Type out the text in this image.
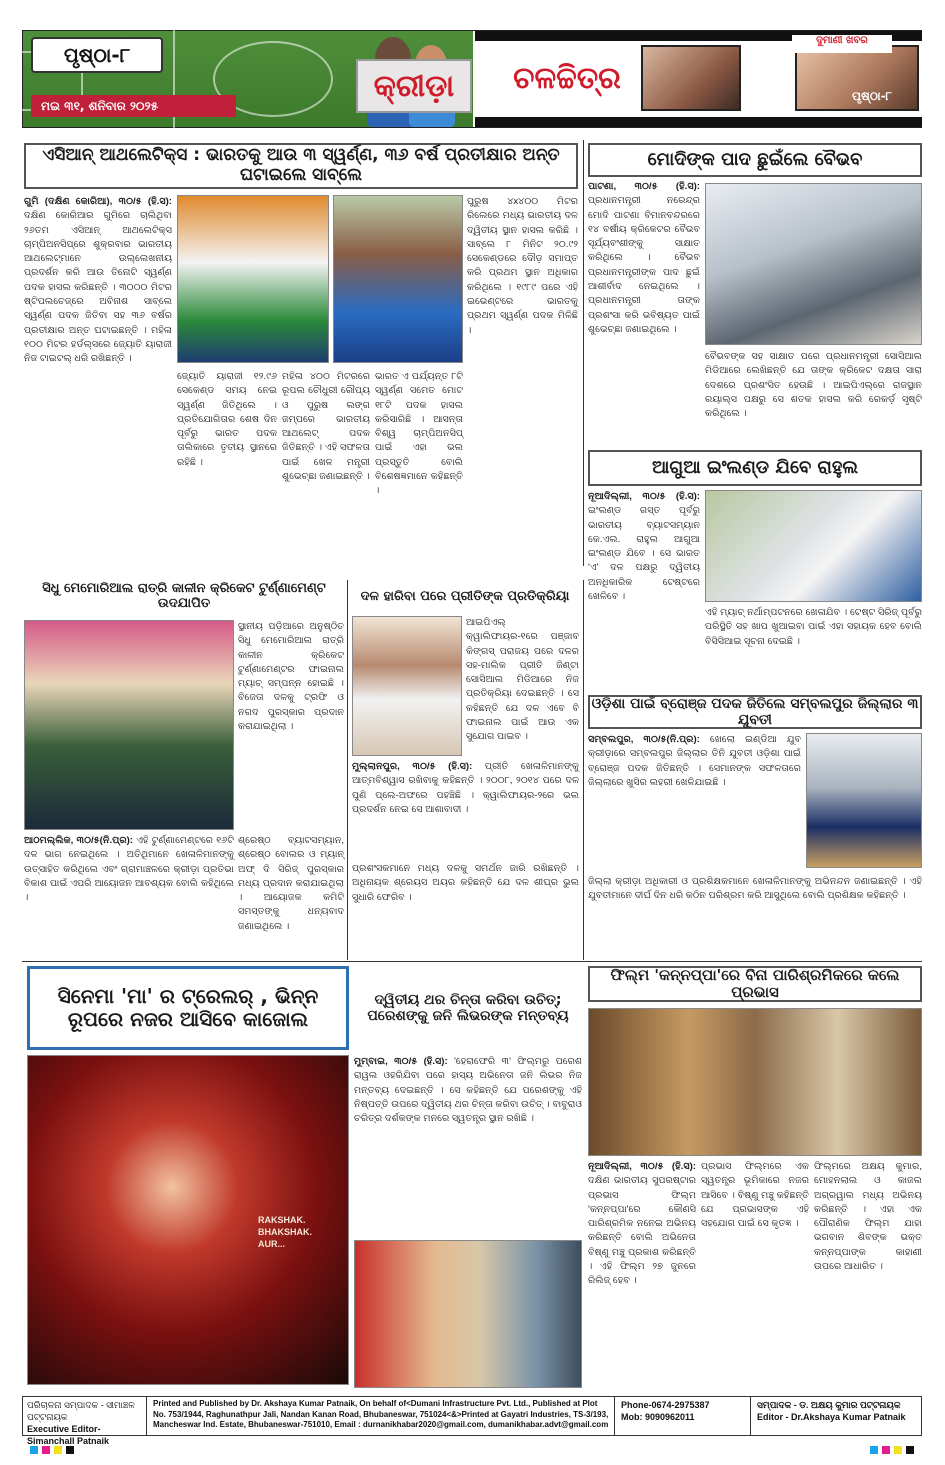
ପୃଷ୍ଠା-୮
ମଇ ୩୧, ଶନିବାର ୨୦୨୫
କ୍ରୀଡ଼ା	ଚଳଚ୍ଚିତ୍ର
ଦୁମାଣୀ ଖବର
ପୃଷ୍ଠା-୮
ଏସିଆନ୍ ଆଥଲେଟିକ୍ସ : ଭାରତକୁ ଆଉ ୩ ସ୍ୱର୍ଣ୍ଣ, ୩୬ ବର୍ଷ ପ୍ରତୀକ୍ଷାର ଅନ୍ତ ଘଟାଇଲେ ସାବ୍‌ଲେ
ଗୁମି (ଦକ୍ଷିଣ କୋରିଆ), ୩୦/୫ (ହି.ସ): ଦକ୍ଷିଣ କୋରିଆର ଗୁମିରେ ଚାଲିଥିବା ୨୬ତମ ଏସିଆନ୍ ଆଥଲେଟିକ୍ସ ଚାମ୍ପିଅନସିପ୍‌ରେ ଶୁକ୍ରବାର ଭାରତୀୟ ଆଥଲେଟ୍‌ମାନେ ଉଲ୍ଲେଖନୀୟ ପ୍ରଦର୍ଶନ କରି ଆଉ ତିନୋଟି ସ୍ୱର୍ଣ୍ଣ ପଦକ ହାସଲ କରିଛନ୍ତି । ୩୦୦୦ ମିଟର ଷ୍ଟିପଲଚେଜ୍‌ରେ ଅବିନାଶ ସାବ୍‌ଲେ ସ୍ୱର୍ଣ୍ଣ ପଦକ ଜିତିବା ସହ ୩୬ ବର୍ଷର ପ୍ରତୀକ୍ଷାର ଅନ୍ତ ଘଟାଇଛନ୍ତି । ମହିଳା ୧୦୦ ମିଟର ହର୍ଡଲ୍ସରେ ଜ୍ୟୋତି ୟାରାଜୀ ନିଜ ଟାଇଟଲ୍ ଧରି ରଖିଛନ୍ତି ।
ପୁରୁଷ ୪x୪୦୦ ମିଟର ରିଲେରେ ମଧ୍ୟ ଭାରତୀୟ ଦଳ ଦ୍ୱିତୀୟ ସ୍ଥାନ ହାସଲ କରିଛି । ସାବ୍‌ଲେ ୮ ମିନିଟ ୨୦.୯୨ ସେକେଣ୍ଡରେ ଦୌଡ଼ ସମାପ୍ତ କରି ପ୍ରଥମ ସ୍ଥାନ ଅଧିକାର କରିଥିଲେ । ୧୯୮୯ ପରେ ଏହି ଇଭେଣ୍ଟରେ ଭାରତକୁ ପ୍ରଥମ ସ୍ୱର୍ଣ୍ଣ ପଦକ ମିଳିଛି ।
ଜ୍ୟୋତି ୟାରାଜୀ ୧୨.୯୬ ସେକେଣ୍ଡ ସମୟ ନେଇ ସ୍ୱର୍ଣ୍ଣ ଜିତିଥିଲେ । ପ୍ରତିଯୋଗିତାର ଶେଷ ଦିନ ପୂର୍ବରୁ ଭାରତ ପଦକ ତାଲିକାରେ ତୃତୀୟ ସ୍ଥାନରେ ରହିଛି ।
ମହିଳା ୪୦୦ ମିଟରରେ ରୂପଲ ଚୌଧୁରୀ ରୌପ୍ୟ ଓ ପୁରୁଷ ଲଙ୍ଗ ଜମ୍ପରେ ଭାରତୀୟ ଆଥଲେଟ୍ ପଦକ ଜିତିଛନ୍ତି । ଏହି ସଫଳତା ପାଇଁ ଖେଳ ମନ୍ତ୍ରୀ ଶୁଭେଚ୍ଛା ଜଣାଇଛନ୍ତି ।
ଭାରତ ଏ ପର୍ଯ୍ୟନ୍ତ ୮ଟି ସ୍ୱର୍ଣ୍ଣ ସମେତ ମୋଟ ୧୮ଟି ପଦକ ହାସଲ କରିସାରିଛି । ଆସନ୍ତା ବିଶ୍ୱ ଚାମ୍ପିଅନସିପ୍ ପାଇଁ ଏହା ଭଲ ପ୍ରସ୍ତୁତି ବୋଲି ବିଶେଷଜ୍ଞମାନେ କହିଛନ୍ତି ।
ମୋଦିଙ୍କ ପାଦ ଛୁଇଁଲେ ବୈଭବ
ପାଟଣା, ୩୦/୫ (ହି.ସ): ପ୍ରଧାନମନ୍ତ୍ରୀ ନରେନ୍ଦ୍ର ମୋଦି ପାଟଣା ବିମାନବନ୍ଦରରେ ୧୪ ବର୍ଷୀୟ କ୍ରିକେଟର ବୈଭବ ସୂର୍ଯ୍ୟବଂଶୀଙ୍କୁ ସାକ୍ଷାତ କରିଥିଲେ । ବୈଭବ ପ୍ରଧାନମନ୍ତ୍ରୀଙ୍କ ପାଦ ଛୁଇଁ ଆଶୀର୍ବାଦ ନେଇଥିଲେ । ପ୍ରଧାନମନ୍ତ୍ରୀ ତାଙ୍କ ପ୍ରଶଂସା କରି ଭବିଷ୍ୟତ ପାଇଁ ଶୁଭେଚ୍ଛା ଜଣାଇଥିଲେ ।
ବୈଭବଙ୍କ ସହ ସାକ୍ଷାତ ପରେ ପ୍ରଧାନମନ୍ତ୍ରୀ ସୋସିଆଲ ମିଡିଆରେ ଲେଖିଛନ୍ତି ଯେ ତାଙ୍କ କ୍ରିକେଟ ଦକ୍ଷତା ସାରା ଦେଶରେ ପ୍ରଶଂସିତ ହେଉଛି । ଆଇପିଏଲ୍‌ରେ ରାଜସ୍ଥାନ ରୟାଲ୍ସ ପକ୍ଷରୁ ସେ ଶତକ ହାସଲ କରି ରେକର୍ଡ଼ ସୃଷ୍ଟି କରିଥିଲେ ।
ଆଗୁଆ ଇଂଲଣ୍ଡ ଯିବେ ରାହୁଲ
ନୂଆଦିଲ୍ଲୀ, ୩୦/୫ (ହି.ସ): ଇଂଲଣ୍ଡ ଗସ୍ତ ପୂର୍ବରୁ ଭାରତୀୟ ବ୍ୟାଟସମ୍ୟାନ କେ.ଏଲ. ରାହୁଲ ଆଗୁଆ ଇଂଲଣ୍ଡ ଯିବେ । ସେ ଭାରତ 'ଏ' ଦଳ ପକ୍ଷରୁ ଦ୍ୱିତୀୟ ଅନଧିକାରିକ ଟେଷ୍ଟରେ ଖେଳିବେ ।
ଏହି ମ୍ୟାଚ୍ ନର୍ଥାମ୍ପଟନରେ ଖେଳାଯିବ । ଟେଷ୍ଟ ସିରିଜ୍ ପୂର୍ବରୁ ପରିସ୍ଥିତି ସହ ଖାପ ଖୁଆଇବା ପାଇଁ ଏହା ସହାୟକ ହେବ ବୋଲି ବିସିସିଆଇ ସୂଚନା ଦେଇଛି ।
ଓଡ଼ିଶା ପାଇଁ ବ୍ରୋଞ୍ଜ ପଦକ ଜିତିଲେ ସମ୍ବଲପୁର ଜିଲ୍ଲାର ୩ ଯୁବତୀ
ସମ୍ବଲପୁର, ୩୦/୫(ନି.ପ୍ର): ଖେଲୋ ଇଣ୍ଡିଆ ଯୁବ କ୍ରୀଡ଼ାରେ ସମ୍ବଲପୁର ଜିଲ୍ଲାର ତିନି ଯୁବତୀ ଓଡ଼ିଶା ପାଇଁ ବ୍ରୋଞ୍ଜ ପଦକ ଜିତିଛନ୍ତି । ସେମାନଙ୍କ ସଫଳତାରେ ଜିଲ୍ଲାରେ ଖୁସିର ଲହରୀ ଖେଳିଯାଇଛି ।
ଜିଲ୍ଲା କ୍ରୀଡ଼ା ଅଧିକାରୀ ଓ ପ୍ରଶିକ୍ଷକମାନେ ଖେଳାଳିମାନଙ୍କୁ ଅଭିନନ୍ଦନ ଜଣାଇଛନ୍ତି । ଏହି ଯୁବତୀମାନେ ଦୀର୍ଘ ଦିନ ଧରି କଠିନ ପରିଶ୍ରମ କରି ଆସୁଥିଲେ ବୋଲି ପ୍ରଶିକ୍ଷକ କହିଛନ୍ତି ।
ସିଧୁ ମେମୋରିଆଲ ରାତ୍ରି କାଳୀନ କ୍ରିକେଟ ଟୁର୍ଣ୍ଣାମେଣ୍ଟ ଉଦଯାପିତ
ସ୍ଥାନୀୟ ପଡ଼ିଆରେ ଅନୁଷ୍ଠିତ ସିଧୁ ମେମୋରିଆଲ ରାତ୍ରି କାଳୀନ କ୍ରିକେଟ ଟୁର୍ଣ୍ଣାମେଣ୍ଟର ଫାଇନାଲ ମ୍ୟାଚ୍ ସମ୍ପନ୍ନ ହୋଇଛି । ବିଜେତା ଦଳକୁ ଟ୍ରଫି ଓ ନଗଦ ପୁରସ୍କାର ପ୍ରଦାନ କରାଯାଇଥିଲା ।
ଆଠମଲ୍ଲିକ, ୩୦/୫(ନି.ପ୍ର): ଏହି ଟୁର୍ଣ୍ଣାମେଣ୍ଟରେ ୧୬ଟି ଦଳ ଭାଗ ନେଇଥିଲେ । ଅତିଥିମାନେ ଖେଳାଳିମାନଙ୍କୁ ଉତ୍ସାହିତ କରିଥିଲେ ଏବଂ ଗ୍ରାମାଞ୍ଚଳରେ କ୍ରୀଡ଼ା ପ୍ରତିଭା ବିକାଶ ପାଇଁ ଏପରି ଆୟୋଜନ ଆବଶ୍ୟକ ବୋଲି କହିଥିଲେ ।
ଶ୍ରେଷ୍ଠ ବ୍ୟାଟସମ୍ୟାନ, ଶ୍ରେଷ୍ଠ ବୋଲର ଓ ମ୍ୟାନ୍ ଅଫ୍ ଦି ସିରିଜ୍ ପୁରସ୍କାର ମଧ୍ୟ ପ୍ରଦାନ କରାଯାଇଥିଲା । ଆୟୋଜକ କମିଟି ସମସ୍ତଙ୍କୁ ଧନ୍ୟବାଦ ଜଣାଇଥିଲେ ।
ଦଳ ହାରିବା ପରେ ପ୍ରୀତିଙ୍କ ପ୍ରତିକ୍ରିୟା
ଆଇପିଏଲ୍ କ୍ୱାଲିଫାୟର-୧ରେ ପଞ୍ଜାବ କିଙ୍ଗସ୍ ପରାଜୟ ପରେ ଦଳର ସହ-ମାଲିକ ପ୍ରୀତି ଜିଣ୍ଟା ସୋସିଆଲ ମିଡିଆରେ ନିଜ ପ୍ରତିକ୍ରିୟା ଦେଇଛନ୍ତି । ସେ କହିଛନ୍ତି ଯେ ଦଳ ଏବେ ବି ଫାଇନାଲ ପାଇଁ ଆଉ ଏକ ସୁଯୋଗ ପାଇବ ।
ମୁଲ୍ଲାନପୁର, ୩୦/୫ (ହି.ସ): ପ୍ରୀତି ଖେଳାଳିମାନଙ୍କୁ ଆତ୍ମବିଶ୍ୱାସ ରଖିବାକୁ କହିଛନ୍ତି । ୨୦୦୮, ୨୦୧୪ ପରେ ଦଳ ପୁଣି ପ୍ଲେ-ଅଫରେ ପହଞ୍ଚିଛି । କ୍ୱାଲିଫାୟର-୨ରେ ଭଲ ପ୍ରଦର୍ଶନ ନେଇ ସେ ଆଶାବାଦୀ ।
ପ୍ରଶଂସକମାନେ ମଧ୍ୟ ଦଳକୁ ସମର୍ଥନ ଜାରି ରଖିଛନ୍ତି । ଅଧିନାୟକ ଶ୍ରେୟସ ଅୟର କହିଛନ୍ତି ଯେ ଦଳ ଶୀଘ୍ର ଭୁଲ ସୁଧାରି ଫେରିବ ।
ସିନେମା 'ମା' ର ଟ୍ରେଲର୍ , ଭିନ୍ନ ରୂପରେ ନଜର ଆସିବେ କାଜୋଲ
RAKSHAK. BHAKSHAK. AUR...
ଦ୍ୱିତୀୟ ଥର ଚିନ୍ତା କରିବା ଉଚିତ୍; ପରେଶଙ୍କୁ ଜନି ଲିଭରଙ୍କ ମନ୍ତବ୍ୟ
ମୁମ୍ବାଇ, ୩୦/୫ (ହି.ସ): 'ହେରାଫେରି ୩' ଫିଲ୍ମରୁ ପରେଶ ରାୱଲ ଓହରିଯିବା ପରେ ହାସ୍ୟ ଅଭିନେତା ଜନି ଲିଭର ନିଜ ମନ୍ତବ୍ୟ ଦେଇଛନ୍ତି । ସେ କହିଛନ୍ତି ଯେ ପରେଶଙ୍କୁ ଏହି ନିଷ୍ପତ୍ତି ଉପରେ ଦ୍ୱିତୀୟ ଥର ଚିନ୍ତା କରିବା ଉଚିତ୍ । ବାବୁରାଓ ଚରିତ୍ର ଦର୍ଶକଙ୍କ ମନରେ ସ୍ୱତନ୍ତ୍ର ସ୍ଥାନ ରଖିଛି ।
ଫିଲ୍ମ 'କନ୍ନପ୍ପା'ରେ ବିନା ପାରିଶ୍ରମିକରେ କଲେ ପ୍ରଭାସ
ନୂଆଦିଲ୍ଲୀ, ୩୦/୫ (ହି.ସ): ଦକ୍ଷିଣ ଭାରତୀୟ ସୁପରଷ୍ଟାର ପ୍ରଭାସ ଫିଲ୍ମ 'କନ୍ନପ୍ପା'ରେ କୌଣସି ପାରିଶ୍ରମିକ ନନେଇ ଅଭିନୟ କରିଛନ୍ତି ବୋଲି ଅଭିନେତା ବିଷ୍ଣୁ ମଞ୍ଚୁ ପ୍ରକାଶ କରିଛନ୍ତି । ଏହି ଫିଲ୍ମ ୨୭ ଜୁନରେ ରିଲିଜ୍ ହେବ ।
ପ୍ରଭାସ ଫିଲ୍ମରେ ଏକ ସ୍ୱତନ୍ତ୍ର ଭୂମିକାରେ ନଜର ଆସିବେ । ବିଷ୍ଣୁ ମଞ୍ଚୁ କହିଛନ୍ତି ଯେ ପ୍ରଭାସଙ୍କ ଏହି ସହଯୋଗ ପାଇଁ ସେ କୃତଜ୍ଞ ।
ଫିଲ୍ମରେ ଅକ୍ଷୟ କୁମାର, ମୋହନଲାଲ ଓ କାଜଲ ଅଗ୍ରୱାଲ ମଧ୍ୟ ଅଭିନୟ କରିଛନ୍ତି । ଏହା ଏକ ପୌରାଣିକ ଫିଲ୍ମ ଯାହା ଭଗବାନ ଶିବଙ୍କ ଭକ୍ତ କନ୍ନପ୍ପାଙ୍କ କାହାଣୀ ଉପରେ ଆଧାରିତ ।
ପରିଚାଳନା ସମ୍ପାଦକ - ସୀମାଞ୍ଚଳ ପଟ୍ଟନାୟକ
Executive Editor- Simanchall Patnaik
Printed and Published by Dr. Akshaya Kumar Patnaik, On behalf of<Dumani Infrastructure Pvt. Ltd., Published at Plot No. 753/1944, Raghunathpur Jali, Nandan Kanan Road, Bhubaneswar, 751024<&>Printed at Gayatri Industries, TS-3/193, Mancheswar Ind. Estate, Bhubaneswar-751010, Email : durnanikhabar2020@gmail.com, dumanikhabar.advt@gmail.com
Phone-0674-2975387
Mob: 9090962011
ସମ୍ପାଦକ - ଡ. ଅକ୍ଷୟ କୁମାର ପଟ୍ଟନାୟକ
Editor - Dr.Akshaya Kumar Patnaik
